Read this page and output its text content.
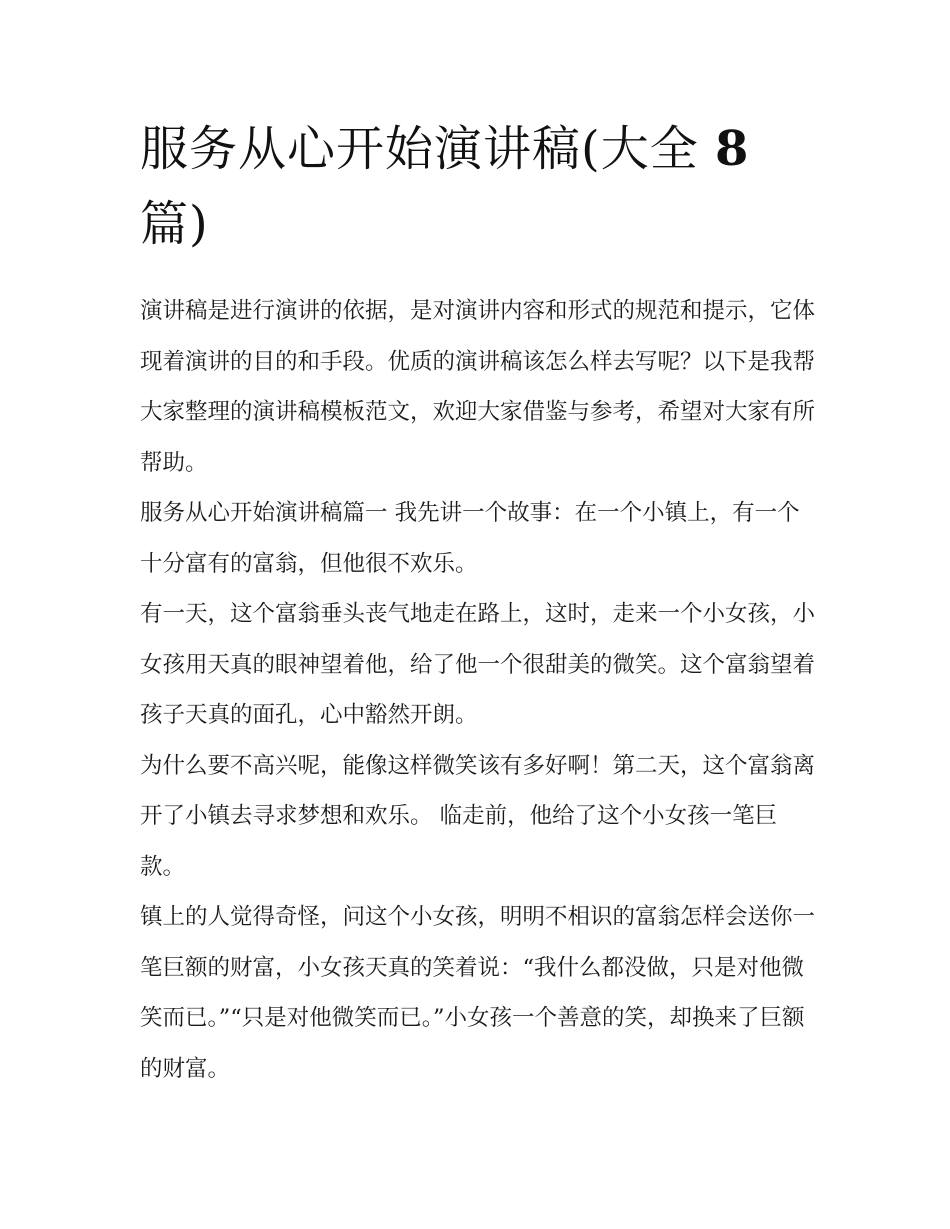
服务从心开始演讲稿(大全 8
篇)

演讲稿是进行演讲的依据，是对演讲内容和形式的规范和提示，它体现着演讲的目的和手段。优质的演讲稿该怎么样去写呢？以下是我帮大家整理的演讲稿模板范文，欢迎大家借鉴与参考，希望对大家有所帮助。

服务从心开始演讲稿篇一 我先讲一个故事：在一个小镇上，有一个十分富有的富翁，但他很不欢乐。

有一天，这个富翁垂头丧气地走在路上，这时，走来一个小女孩，小女孩用天真的眼神望着他，给了他一个很甜美的微笑。这个富翁望着孩子天真的面孔，心中豁然开朗。

为什么要不高兴呢，能像这样微笑该有多好啊！第二天，这个富翁离开了小镇去寻求梦想和欢乐。 临走前，他给了这个小女孩一笔巨款。

镇上的人觉得奇怪，问这个小女孩，明明不相识的富翁怎样会送你一笔巨额的财富，小女孩天真的笑着说：“我什么都没做，只是对他微笑而已。”“只是对他微笑而已。”小女孩一个善意的笑，却换来了巨额的财富。
